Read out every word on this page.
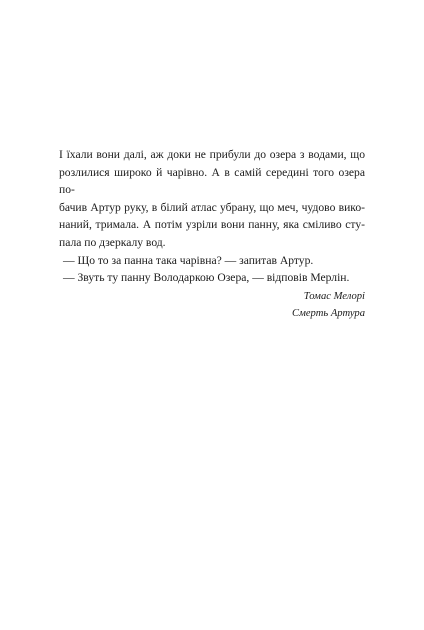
І їхали вони далі, аж доки не прибули до озера з водами, що
розлилися широко й чарівно. А в самій середині того озера по-
бачив Артур руку, в білий атлас убрану, що меч, чудово вико-
наний, тримала. А потім узріли вони панну, яка сміливо сту-
пала по дзеркалу вод.
— Що то за панна така чарівна? — запитав Артур.
— Звуть ту панну Володаркою Озера, — відповів Мерлін.
Томас Мелорі
Смерть Артура
